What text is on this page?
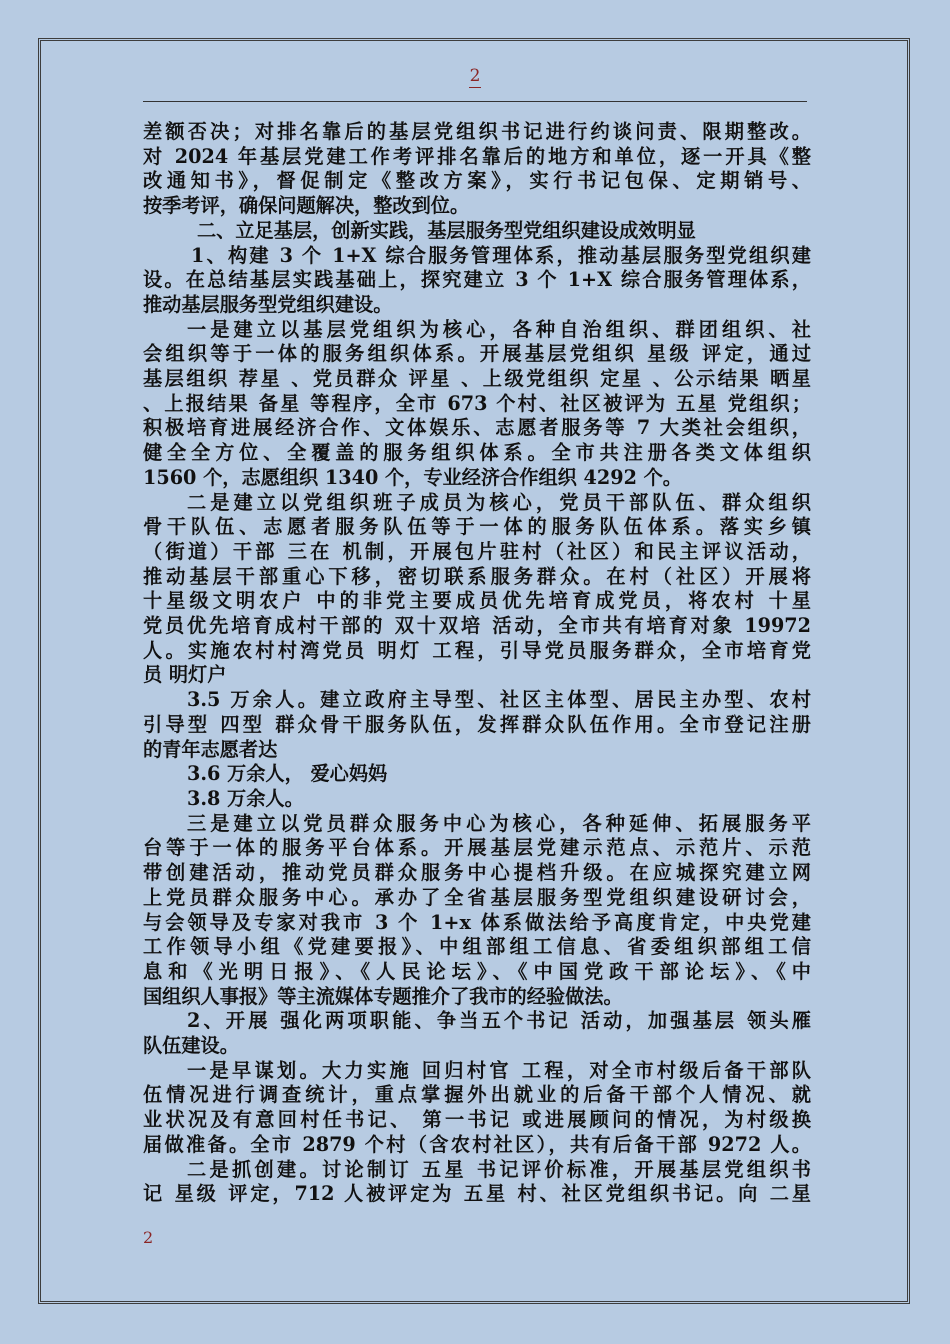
2

差额否决；对排名靠后的基层党组织书记进行约谈问责、限期整改。

对 2024 年基层党建工作考评排名靠后的地方和单位，逐一开具《整

改通知书》，督促制定《整改方案》，实行书记包保、定期销号、

按季考评，确保问题解决，整改到位。

二、立足基层，创新实践，基层服务型党组织建设成效明显

1、构建 3 个 1+X 综合服务管理体系，推动基层服务型党组织建

设。在总结基层实践基础上，探究建立 3 个 1+X 综合服务管理体系，

推动基层服务型党组织建设。

一是建立以基层党组织为核心，各种自治组织、群团组织、社

会组织等于一体的服务组织体系。开展基层党组织 星级 评定，通过

基层组织 荐星 、党员群众 评星 、上级党组织 定星 、公示结果 晒星

、上报结果 备星 等程序，全市 673 个村、社区被评为 五星 党组织；

积极培育进展经济合作、文体娱乐、志愿者服务等 7 大类社会组织，

健全全方位、全覆盖的服务组织体系。全市共注册各类文体组织

1560 个，志愿组织 1340 个，专业经济合作组织 4292 个。

二是建立以党组织班子成员为核心，党员干部队伍、群众组织

骨干队伍、志愿者服务队伍等于一体的服务队伍体系。落实乡镇

（街道）干部 三在 机制，开展包片驻村（社区）和民主评议活动，

推动基层干部重心下移，密切联系服务群众。在村（社区）开展将

十星级文明农户 中的非党主要成员优先培育成党员，将农村 十星

党员优先培育成村干部的 双十双培 活动，全市共有培育对象 19972

人。实施农村村湾党员 明灯 工程，引导党员服务群众，全市培育党

员 明灯户

3.5 万余人。建立政府主导型、社区主体型、居民主办型、农村

引导型 四型 群众骨干服务队伍，发挥群众队伍作用。全市登记注册

的青年志愿者达

3.6 万余人， 爱心妈妈

3.8 万余人。

三是建立以党员群众服务中心为核心，各种延伸、拓展服务平

台等于一体的服务平台体系。开展基层党建示范点、示范片、示范

带创建活动，推动党员群众服务中心提档升级。在应城探究建立网

上党员群众服务中心。承办了全省基层服务型党组织建设研讨会，

与会领导及专家对我市 3 个 1+x 体系做法给予高度肯定，中央党建

工作领导小组《党建要报》、中组部组工信息、省委组织部组工信

息和《光明日报》、《人民论坛》、《中国党政干部论坛》、《中

国组织人事报》等主流媒体专题推介了我市的经验做法。

2、开展 强化两项职能、争当五个书记 活动，加强基层 领头雁

队伍建设。

一是早谋划。大力实施 回归村官 工程，对全市村级后备干部队

伍情况进行调查统计，重点掌握外出就业的后备干部个人情况、就

业状况及有意回村任书记、 第一书记 或进展顾问的情况，为村级换

届做准备。全市 2879 个村（含农村社区），共有后备干部 9272 人。

二是抓创建。讨论制订 五星 书记评价标准，开展基层党组织书

记 星级 评定，712 人被评定为 五星 村、社区党组织书记。向 二星

2
